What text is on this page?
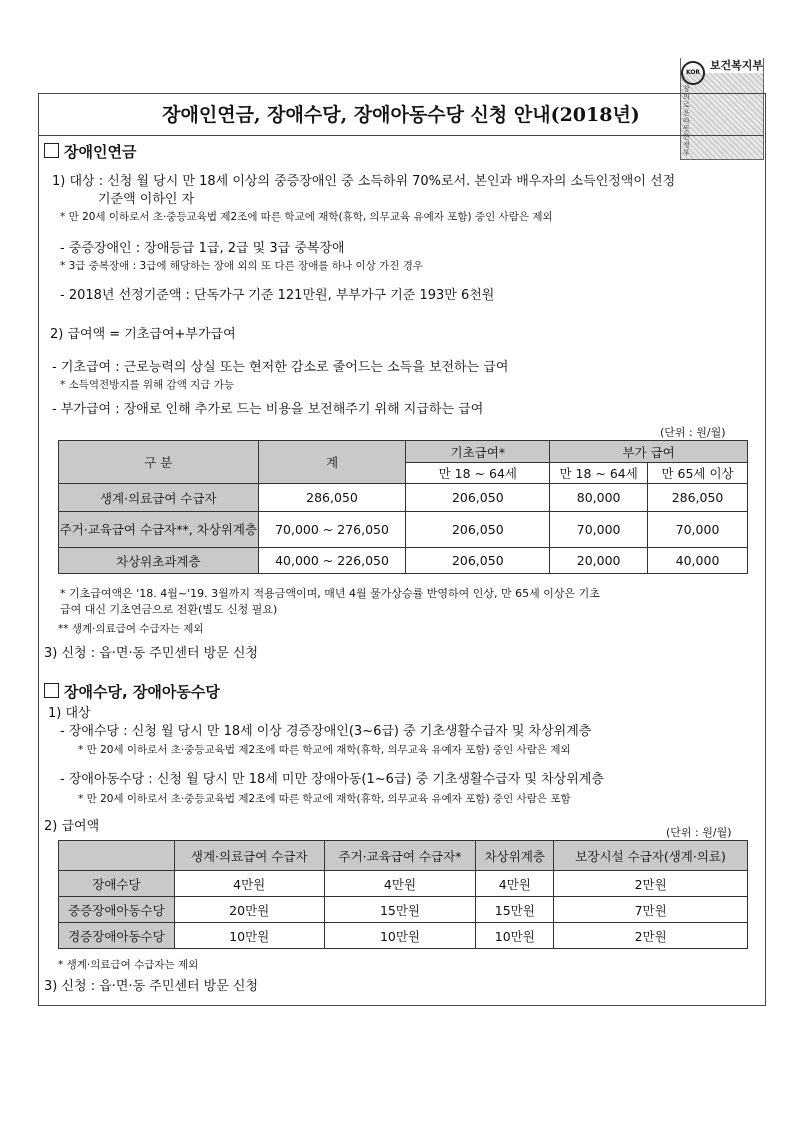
보건복지부
KOR
창의로운 따뜻한 정부
장애인연금, 장애수당, 장애아동수당 신청 안내(2018년)
장애인연금
1) 대상 : 신청 월 당시 만 18세 이상의 중증장애인 중 소득하위 70%로서. 본인과 배우자의 소득인정액이 선정
기준액 이하인 자
* 만 20세 이하로서 초·중등교육법 제2조에 따른 학교에 재학(휴학, 의무교육 유예자 포함) 중인 사람은 제외
- 중증장애인 : 장애등급 1급, 2급 및 3급 중복장애
* 3급 중복장애 : 3급에 해당하는 장애 외의 또 다른 장애를 하나 이상 가진 경우
- 2018년 선정기준액 : 단독가구 기준 121만원, 부부가구 기준 193만 6천원
2) 급여액 = 기초급여+부가급여
- 기초급여 : 근로능력의 상실 또는 현저한 감소로 줄어드는 소득을 보전하는 급여
* 소득역전방지를 위해 감액 지급 가능
- 부가급여 : 장애로 인해 추가로 드는 비용을 보전해주기 위해 지급하는 급여
(단위 : 원/월)
구 분	계	기초급여*	부가 급여	
		만 18 ~ 64세	만 18 ~ 64세	만 65세 이상
생계·의료급여 수급자	286,050	206,050	80,000	286,050
주거·교육급여 수급자**, 차상위계층	70,000 ~ 276,050	206,050	70,000	70,000
차상위초과계층	40,000 ~ 226,050	206,050	20,000	40,000
* 기초급여액은 '18. 4월~'19. 3월까지 적용금액이며, 매년 4월 물가상승률 반영하여 인상, 만 65세 이상은 기초
급여 대신 기초연금으로 전환(별도 신청 필요)
** 생계·의료급여 수급자는 제외
3) 신청 : 읍·면·동 주민센터 방문 신청
장애수당, 장애아동수당
1) 대상
- 장애수당 : 신청 월 당시 만 18세 이상 경증장애인(3~6급) 중 기초생활수급자 및 차상위계층
* 만 20세 이하로서 초·중등교육법 제2조에 따른 학교에 재학(휴학, 의무교육 유예자 포함) 중인 사람은 제외
- 장애아동수당 : 신청 월 당시 만 18세 미만 장애아동(1~6급) 중 기초생활수급자 및 차상위계층
* 만 20세 이하로서 초·중등교육법 제2조에 따른 학교에 재학(휴학, 의무교육 유예자 포함) 중인 사람은 포함
2) 급여액	(단위 : 원/월)
	생계·의료급여 수급자	주거·교육급여 수급자*	차상위계층	보장시설 수급자(생계·의료)
장애수당	4만원	4만원	4만원	2만원
중증장애아동수당	20만원	15만원	15만원	7만원
경증장애아동수당	10만원	10만원	10만원	2만원
* 생계·의료급여 수급자는 제외
3) 신청 : 읍·면·동 주민센터 방문 신청
